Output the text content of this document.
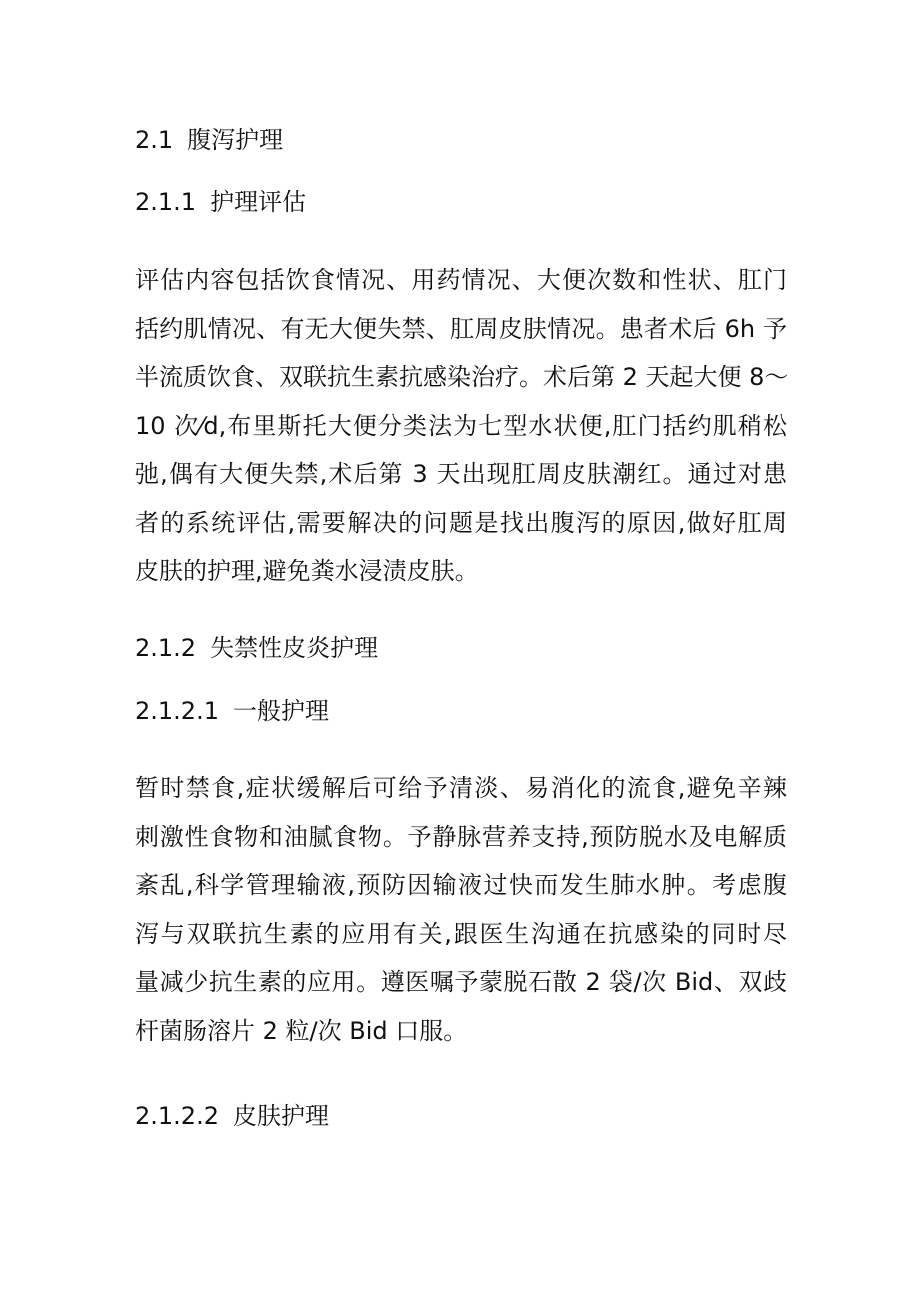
2.1 腹泻护理
2.1.1 护理评估
评估内容包括饮食情况、用药情况、大便次数和性状、肛门
括约肌情况、有无大便失禁、肛周皮肤情况。患者术后 6h 予
半流质饮食、双联抗生素抗感染治疗。术后第 2 天起大便 8～
10 次⁄d,布里斯托大便分类法为七型水状便,肛门括约肌稍松
弛,偶有大便失禁,术后第 3 天出现肛周皮肤潮红。通过对患
者的系统评估,需要解决的问题是找出腹泻的原因,做好肛周
皮肤的护理,避免粪水浸渍皮肤。
2.1.2 失禁性皮炎护理
2.1.2.1 一般护理
暂时禁食,症状缓解后可给予清淡、易消化的流食,避免辛辣
刺激性食物和油腻食物。予静脉营养支持,预防脱水及电解质
紊乱,科学管理输液,预防因输液过快而发生肺水肿。考虑腹
泻与双联抗生素的应用有关,跟医生沟通在抗感染的同时尽
量减少抗生素的应用。遵医嘱予蒙脱石散 2 袋/次 Bid、双歧
杆菌肠溶片 2 粒/次 Bid 口服。
2.1.2.2 皮肤护理
